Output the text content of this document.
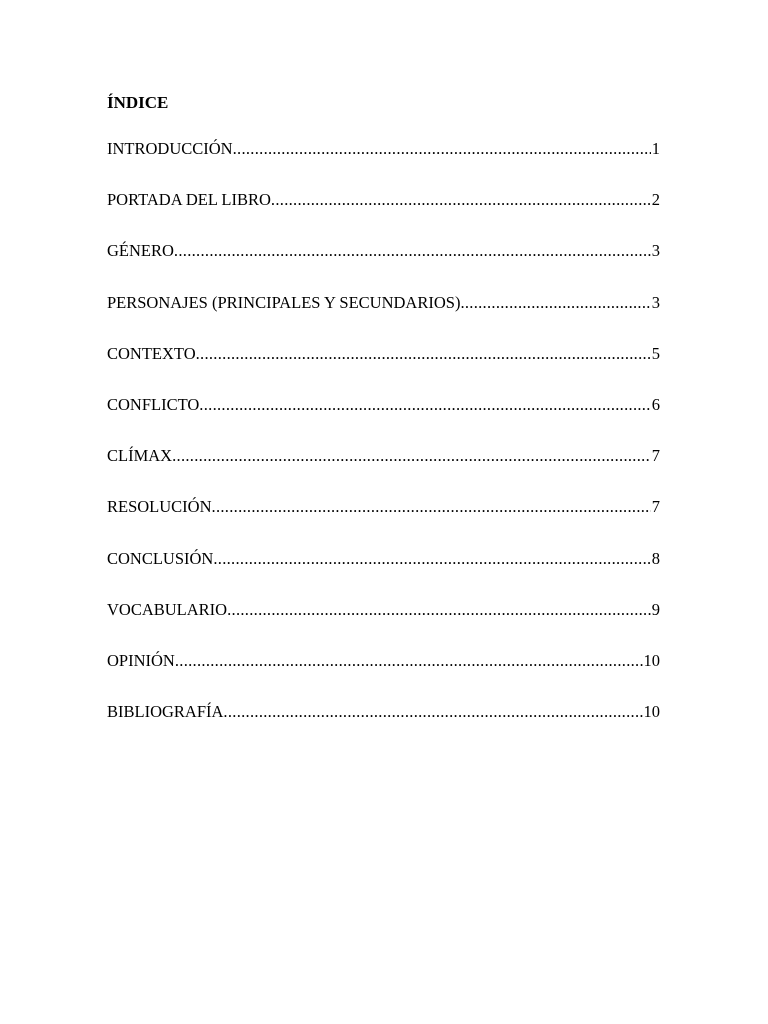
ÍNDICE
INTRODUCCIÓN .....	1
PORTADA DEL LIBRO .....	2
GÉNERO .....	3
PERSONAJES (PRINCIPALES Y SECUNDARIOS) .....	3
CONTEXTO .....	5
CONFLICTO .....	6
CLÍMAX .....	7
RESOLUCIÓN .....	7
CONCLUSIÓN .....	8
VOCABULARIO .....	9
OPINIÓN .....	10
BIBLIOGRAFÍA .....	10
